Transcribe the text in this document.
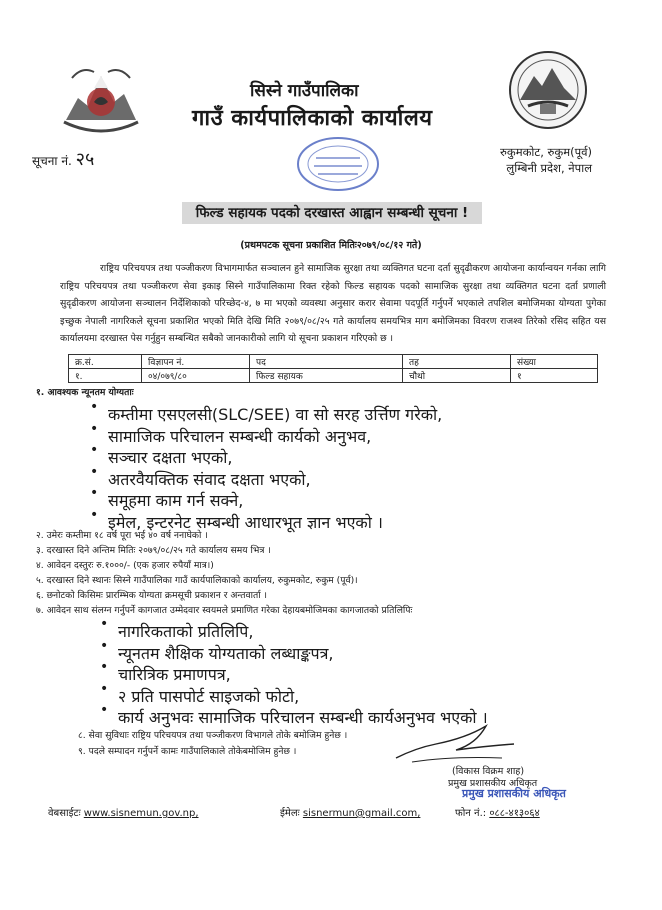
सिस्ने गाउँपालिका
गाउँ कार्यपालिकाको कार्यालय
सूचना नं. २५	रुकुमकोट, रुकुम(पूर्व)
लुम्बिनी प्रदेश, नेपाल
फिल्ड सहायक पदको दरखास्त आह्वान सम्बन्धी सूचना !
(प्रथमपटक सूचना प्रकाशित मितिः२०७९/०८/१२ गते)
राष्ट्रिय परिचयपत्र तथा पञ्जीकरण विभागमार्फत सञ्चालन हुने सामाजिक सुरक्षा तथा व्यक्तिगत घटना दर्ता सुदृढीकरण आयोजना कार्यान्वयन गर्नका लागि राष्ट्रिय परिचयपत्र तथा पञ्जीकरण सेवा इकाइ सिस्ने गाउँपालिकामा रिक्त रहेको फिल्ड सहायक पदको सामाजिक सुरक्षा तथा व्यक्तिगत घटना दर्ता प्रणाली सुदृढीकरण आयोजना सञ्चालन निर्देशिकाको परिच्छेद-४, ७ मा भएको व्यवस्था अनुसार करार सेवामा पदपूर्ति गर्नुपर्ने भएकाले तपशिल बमोजिमका योग्यता पुगेका इच्छुक नेपाली नागरिकले सूचना प्रकाशित भएको मिति देखि मिति २०७९/०८/२५ गते कार्यालय समयभित्र माग बमोजिमका विवरण राजश्व तिरेको रसिद सहित यस कार्यालयमा दरखास्त पेस गर्नुहुन सम्बन्धित सबैको जानकारीको लागि यो सूचना प्रकाशन गरिएको छ ।
क्र.सं.	विज्ञापन नं.	पद	तह	संख्या
१.	०४/०७९/८०	फिल्ड सहायक	चौथो	१
१. आवश्यक न्यूनतम योग्यताः
• कम्तीमा एसएलसी(SLC/SEE) वा सो सरह उर्त्तिण गरेको,
• सामाजिक परिचालन सम्बन्धी कार्यको अनुभव,
• सञ्चार दक्षता भएको,
• अतरवैयक्तिक संवाद दक्षता भएको,
• समूहमा काम गर्न सक्ने,
• इमेल, इन्टरनेट सम्बन्धी आधारभूत ज्ञान भएको ।
२. उमेरः कम्तीमा १८ वर्ष पूरा भई ४० वर्ष ननाघेको ।
३. दरखास्त दिने अन्तिम मितिः २०७९/०८/२५ गते कार्यालय समय भित्र ।
४. आवेदन दस्तुरः रु.१०००/- (एक हजार रुपैयाँ मात्र।)
५. दरखास्त दिने स्थानः सिस्ने गाउँपालिका गाउँ कार्यपालिकाको कार्यालय, रुकुमकोट, रुकुम (पूर्व)।
६. छनोटको किसिमः प्रारम्भिक योग्यता क्रमसूची प्रकाशन र अन्तवार्ता ।
७. आवेदन साथ संलग्न गर्नुपर्ने कागजात उम्मेदवार स्वयमले प्रमाणित गरेका देहायबमोजिमका कागजातको प्रतिलिपिः
• नागरिकताको प्रतिलिपि,
• न्यूनतम शैक्षिक योग्यताको लब्धाङ्कपत्र,
• चारित्रिक प्रमाणपत्र,
• २ प्रति पासपोर्ट साइजको फोटो,
• कार्य अनुभवः सामाजिक परिचालन सम्बन्धी कार्यअनुभव भएको ।
८. सेवा सुविधाः राष्ट्रिय परिचयपत्र तथा पञ्जीकरण विभागले तोके बमोजिम हुनेछ ।
९. पदले सम्पादन गर्नुपर्ने कामः गाउँपालिकाले तोकेबमोजिम हुनेछ ।
(विकास विक्रम शाह)
प्रमुख प्रशासकीय अधिकृत
प्रमुख प्रशासकीय अधिकृत
वेबसाईटः www.sisnemun.gov.np,	ईमेलः sisnermun@gmail.com,	फोन नं.: ०८८-४१३०६४
